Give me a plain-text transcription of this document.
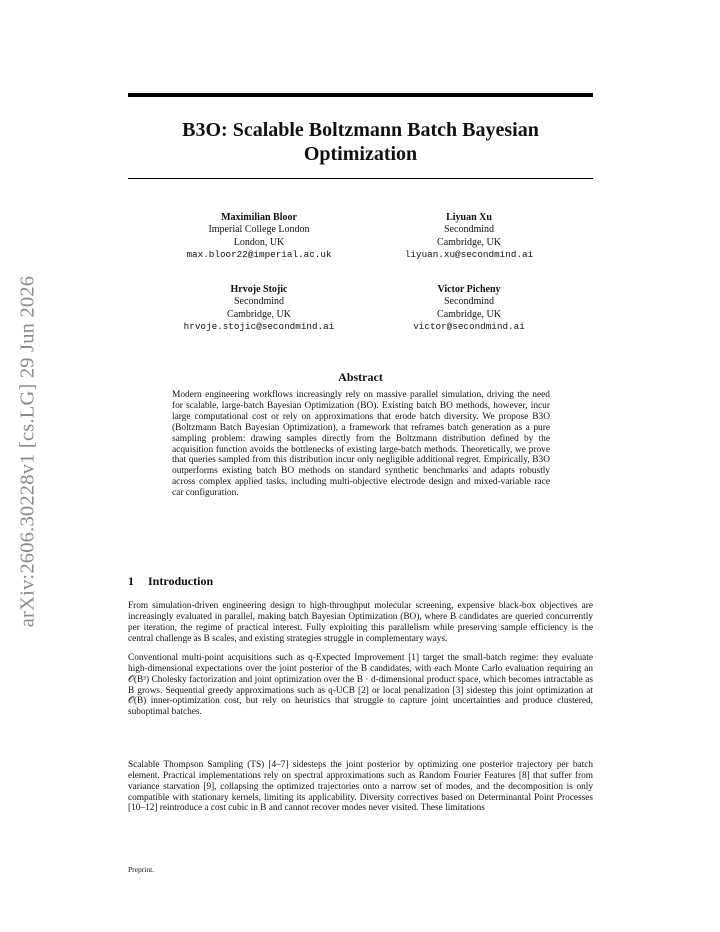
arXiv:2606.30228v1 [cs.LG] 29 Jun 2026
B3O: Scalable Boltzmann Batch Bayesian Optimization
Maximilian Bloor
Imperial College London
London, UK
max.bloor22@imperial.ac.uk
Liyuan Xu
Secondmind
Cambridge, UK
liyuan.xu@secondmind.ai
Hrvoje Stojic
Secondmind
Cambridge, UK
hrvoje.stojic@secondmind.ai
Victor Picheny
Secondmind
Cambridge, UK
victor@secondmind.ai
Abstract

Modern engineering workflows increasingly rely on massive parallel simulation, driving the need for scalable, large-batch Bayesian Optimization (BO). Existing batch BO methods, however, incur large computational cost or rely on approximations that erode batch diversity. We propose B3O (Boltzmann Batch Bayesian Optimization), a framework that reframes batch generation as a pure sampling problem: drawing samples directly from the Boltzmann distribution defined by the acquisition function avoids the bottlenecks of existing large-batch methods. Theoretically, we prove that queries sampled from this distribution incur only negligible additional regret. Empirically, B3O outperforms existing batch BO methods on standard synthetic benchmarks and adapts robustly across complex applied tasks, including multi-objective electrode design and mixed-variable race car configuration.

1 Introduction

From simulation-driven engineering design to high-throughput molecular screening, expensive black-box objectives are increasingly evaluated in parallel, making batch Bayesian Optimization (BO), where B candidates are queried concurrently per iteration, the regime of practical interest. Fully exploiting this parallelism while preserving sample efficiency is the central challenge as B scales, and existing strategies struggle in complementary ways.

Conventional multi-point acquisitions such as q-Expected Improvement [1] target the small-batch regime: they evaluate high-dimensional expectations over the joint posterior of the B candidates, with each Monte Carlo evaluation requiring an 𝒪(B³) Cholesky factorization and joint optimization over the B · d-dimensional product space, which becomes intractable as B grows. Sequential greedy approximations such as q-UCB [2] or local penalization [3] sidestep this joint optimization at 𝒪(B) inner-optimization cost, but rely on heuristics that struggle to capture joint uncertainties and produce clustered, suboptimal batches.

Scalable Thompson Sampling (TS) [4–7] sidesteps the joint posterior by optimizing one posterior trajectory per batch element. Practical implementations rely on spectral approximations such as Random Fourier Features [8] that suffer from variance starvation [9], collapsing the optimized trajectories onto a narrow set of modes, and the decomposition is only compatible with stationary kernels, limiting its applicability. Diversity correctives based on Determinantal Point Processes [10–12] reintroduce a cost cubic in B and cannot recover modes never visited. These limitations

Preprint.
